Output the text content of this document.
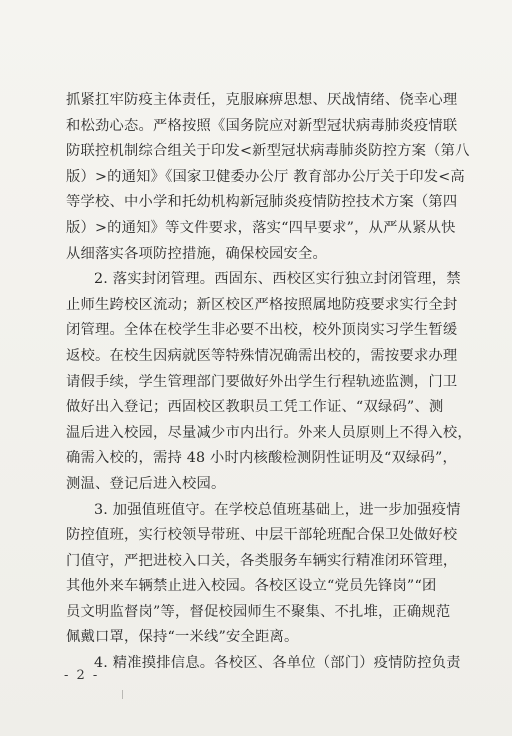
抓紧扛牢防疫主体责任，克服麻痹思想、厌战情绪、侥幸心理
和松劲心态。严格按照《国务院应对新型冠状病毒肺炎疫情联
防联控机制综合组关于印发<新型冠状病毒肺炎防控方案（第八
版）>的通知》《国家卫健委办公厅 教育部办公厅关于印发<高
等学校、中小学和托幼机构新冠肺炎疫情防控技术方案（第四
版）>的通知》等文件要求，落实“四早要求”，从严从紧从快
从细落实各项防控措施，确保校园安全。
2. 落实封闭管理。西固东、西校区实行独立封闭管理，禁
止师生跨校区流动；新区校区严格按照属地防疫要求实行全封
闭管理。全体在校学生非必要不出校，校外顶岗实习学生暂缓
返校。在校生因病就医等特殊情况确需出校的，需按要求办理
请假手续，学生管理部门要做好外出学生行程轨迹监测，门卫
做好出入登记；西固校区教职员工凭工作证、“双绿码”、测
温后进入校园，尽量减少市内出行。外来人员原则上不得入校，
确需入校的，需持 48 小时内核酸检测阴性证明及“双绿码”，
测温、登记后进入校园。
3. 加强值班值守。在学校总值班基础上，进一步加强疫情
防控值班，实行校领导带班、中层干部轮班配合保卫处做好校
门值守，严把进校入口关，各类服务车辆实行精准闭环管理，
其他外来车辆禁止进入校园。各校区设立“党员先锋岗”“团
员文明监督岗”等，督促校园师生不聚集、不扎堆，正确规范
佩戴口罩，保持“一米线”安全距离。
4. 精准摸排信息。各校区、各单位（部门）疫情防控负责
- 2 -
